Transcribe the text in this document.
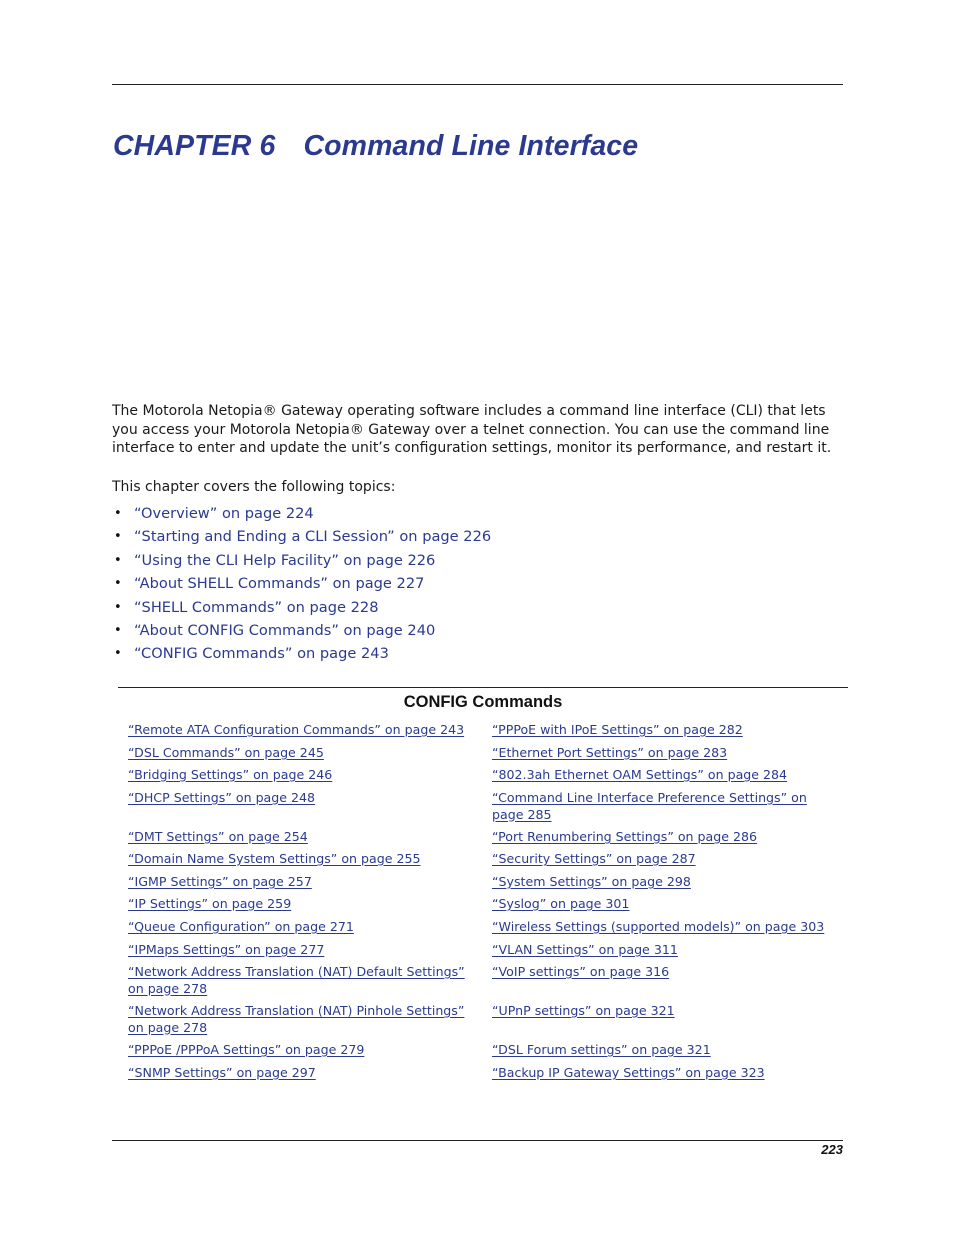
CHAPTER 6 Command Line Interface

The Motorola Netopia® Gateway operating software includes a command line interface (CLI) that lets you access your Motorola Netopia® Gateway over a telnet connection. You can use the command line interface to enter and update the unit’s configuration settings, monitor its performance, and restart it.

This chapter covers the following topics:

• “Overview” on page 224
• “Starting and Ending a CLI Session” on page 226
• “Using the CLI Help Facility” on page 226
• “About SHELL Commands” on page 227
• “SHELL Commands” on page 228
• “About CONFIG Commands” on page 240
• “CONFIG Commands” on page 243
CONFIG Commands
“Remote ATA Configuration Commands” on page 243
“DSL Commands” on page 245
“Bridging Settings” on page 246
“DHCP Settings” on page 248
“DMT Settings” on page 254
“Domain Name System Settings” on page 255
“IGMP Settings” on page 257
“IP Settings” on page 259
“Queue Configuration” on page 271
“IPMaps Settings” on page 277
“Network Address Translation (NAT) Default Settings” on page 278
“Network Address Translation (NAT) Pinhole Settings” on page 278
“PPPoE /PPPoA Settings” on page 279
“SNMP Settings” on page 297
“PPPoE with IPoE Settings” on page 282
“Ethernet Port Settings” on page 283
“802.3ah Ethernet OAM Settings” on page 284
“Command Line Interface Preference Settings” on page 285
“Port Renumbering Settings” on page 286
“Security Settings” on page 287
“System Settings” on page 298
“Syslog” on page 301
“Wireless Settings (supported models)” on page 303
“VLAN Settings” on page 311
“VoIP settings” on page 316
“UPnP settings” on page 321
“DSL Forum settings” on page 321
“Backup IP Gateway Settings” on page 323
223
